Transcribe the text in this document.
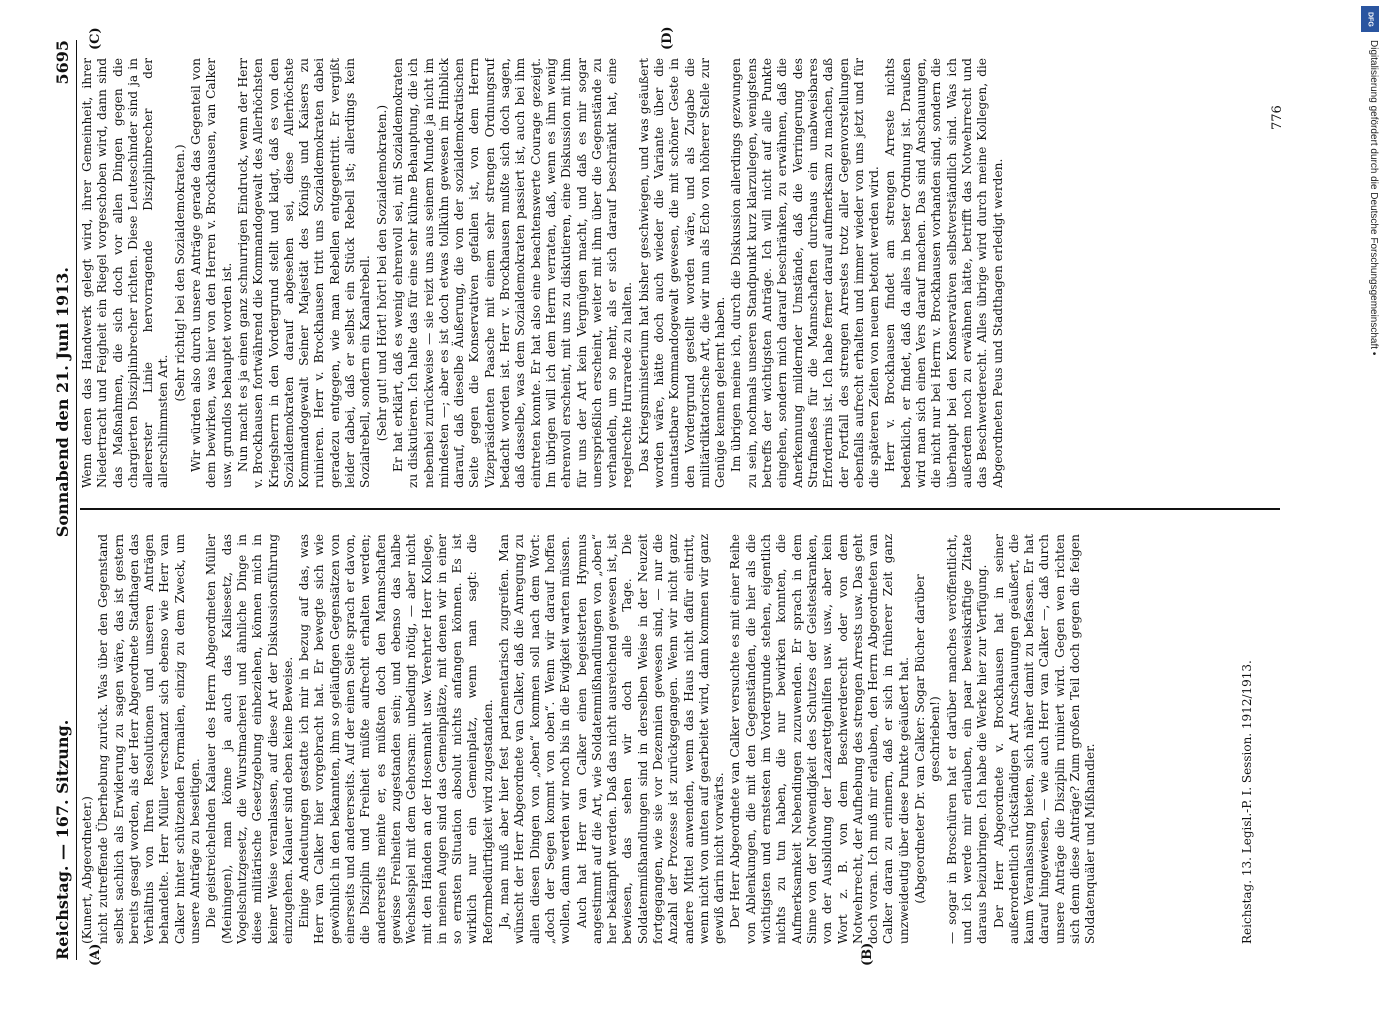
Reichstag. — 167. Sitzung.
Sonnabend den 21. Juni 1913.
5695
(A)	(B)
(C)	(D)

(Kunert, Abgeordneter.) nicht zutreffende Überhebung zurück. Was über den Gegenstand selbst sachlich als Erwiderung zu sagen wäre, das ist gestern bereits gesagt worden, als der Herr Abgeordnete Stadthagen das Verhältnis von Ihren Resolutionen und unseren Anträgen behandelte. Herr Müller verschanzt sich ebenso wie Herr van Calker hinter schützenden Formalien, einzig zu dem Zweck, um unsere Anträge zu beseitigen. Die geistreichelnden Kalauer des Herrn Abgeordneten Müller (Meiningen), man könne ja auch das Kalisesetz, das Vogelschutzgesetz, die Wurstmacherei und ähnliche Dinge in diese militärische Gesetzgebung einbeziehen, können mich in keiner Weise veranlassen, auf diese Art der Diskussionsführung einzugehen. Kalauer sind eben keine Beweise. Einige Andeutungen gestatte ich mir in bezug auf das, was Herr van Calker hier vorgebracht hat. Er bewegte sich wie gewöhnlich in den bekannten, ihm so geläufigen Gegensätzen von einerseits und andererseits. Auf der einen Seite sprach er davon, die Disziplin und Freiheit müßte aufrecht erhalten werden; andererseits meinte er, es müßten doch den Mannschaften gewisse Freiheiten zugestanden sein; und ebenso das halbe Wechselspiel mit dem Gehorsam: unbedingt nötig, — aber nicht mit den Händen an der Hosennaht usw. Verehrter Herr Kollege, in meinen Augen sind das Gemeinplätze, mit denen wir in einer so ernsten Situation absolut nichts anfangen können. Es ist wirklich nur ein Gemeinplatz, wenn man sagt: die Reformbedürftigkeit wird zugestanden. Ja, man muß aber hier fest parlamentarisch zugreifen. Man wünscht der Herr Abgeordnete van Calker, daß die Anregung zu allen diesen Dingen von „oben“ kommen soll nach dem Wort: „doch der Segen kommt von oben“. Wenn wir darauf hoffen wollen, dann werden wir noch bis in die Ewigkeit warten müssen. Auch hat Herr van Calker einen begeisterten Hymnus angestimmt auf die Art, wie Soldatenmißhandlungen von „oben“ her bekämpft werden. Daß das nicht ausreichend gewesen ist, ist bewiesen, das sehen wir doch alle Tage. Die Soldatenmißhandlungen sind in derselben Weise in der Neuzeit fortgegangen, wie sie vor Dezennien gewesen sind, — nur die Anzahl der Prozesse ist zurückgegangen. Wenn wir nicht ganz andere Mittel anwenden, wenn das Haus nicht dafür eintritt, wenn nicht von unten auf gearbeitet wird, dann kommen wir ganz gewiß darin nicht vorwärts. Der Herr Abgeordnete van Calker versuchte es mit einer Reihe von Ablenkungen, die mit den Gegenständen, die hier als die wichtigsten und ernstesten im Vordergrunde stehen, eigentlich nichts zu tun haben, die nur bewirken konnten, die Aufmerksamkeit Nebendingen zuzuwenden. Er sprach in dem Sinne von der Notwendigkeit des Schutzes der Geisteskranken, von der Ausbildung der Lazarettgehilfen usw. usw., aber kein Wort z. B. von dem Beschwerderecht oder von dem Notwehrrecht, der Aufhebung des strengen Arrests usw. Das geht doch voran. Ich muß mir erlauben, den Herrn Abgeordneten van Calker daran zu erinnern, daß er sich in früherer Zeit ganz unzweideutig über diese Punkte geäußert hat. (Abgeordneter Dr. van Calker: Sogar Bücher darüber geschrieben!) — sogar in Broschüren hat er darüber manches veröffentlicht, und ich werde mir erlauben, ein paar beweiskräftige Zitate daraus beizubringen. Ich habe die Werke hier zur Verfügung. Der Herr Abgeordnete v. Brockhausen hat in seiner außerordentlich rückständigen Art Anschauungen geäußert, die kaum Veranlassung bieten, sich näher damit zu befassen. Er hat darauf hingewiesen, — wie auch Herr van Calker —, daß durch unsere Anträge die Disziplin ruiniert wird. Gegen wen richten sich denn diese Anträge? Zum großen Teil doch gegen die feigen Soldatenquäler und Mißhandler.

Wenn denen das Handwerk gelegt wird, ihrer Gemeinheit, ihrer Niedertracht und Feigheit ein Riegel vorgeschoben wird, dann sind das Maßnahmen, die sich doch vor allen Dingen gegen die chargierten Disziplinbrecher richten. Diese Leuteschinder sind ja in allererster Linie hervorragende Disziplinbrecher der allerschlimmsten Art.

(Sehr richtig! bei den Sozialdemokraten.) Wir würden also durch unsere Anträge gerade das Gegenteil von dem bewirken, was hier von den Herren v. Brockhausen, van Calker usw. grundlos behauptet worden ist. Nun macht es ja einen ganz schnurrigen Eindruck, wenn der Herr v. Brockhausen fortwährend die Kommandogewalt des Allerhöchsten Kriegsherrn in den Vordergrund stellt und klagt, daß es von den Sozialdemokraten darauf abgesehen sei, diese Allerhöchste Kommandogewalt Seiner Majestät des Königs und Kaisers zu ruinieren. Herr v. Brockhausen tritt uns Sozialdemokraten dabei geradezu entgegen, wie man Rebellen entgegentritt. Er vergißt leider dabei, daß er selbst ein Stück Rebell ist; allerdings kein Sozialrebell, sondern ein Kanalrebell. (Sehr gut! und Hört! hört! bei den Sozialdemokraten.) Er hat erklärt, daß es wenig ehrenvoll sei, mit Sozialdemokraten zu diskutieren. Ich halte das für eine sehr kühne Behauptung, die ich nebenbei zurückweise — sie reizt uns aus seinem Munde ja nicht im mindesten —; aber es ist doch etwas tollkühn gewesen im Hinblick darauf, daß dieselbe Äußerung, die von der sozialdemokratischen Seite gegen die Konservativen gefallen ist, von dem Herrn Vizepräsidenten Paasche mit einem sehr strengen Ordnungsruf bedacht worden ist. Herr v. Brockhausen mußte sich doch sagen, daß dasselbe, was dem Sozialdemokraten passiert ist, auch bei ihm eintreten konnte. Er hat also eine beachtenswerte Courage gezeigt. Im übrigen will ich dem Herrn verraten, daß, wenn es ihm wenig ehrenvoll erscheint, mit uns zu diskutieren, eine Diskussion mit ihm für uns der Art kein Vergnügen macht, und daß es mir sogar unersprießlich erscheint, weiter mit ihm über die Gegenstände zu verhandeln, um so mehr, als er sich darauf beschränkt hat, eine regelrechte Hurrarede zu halten. Das Kriegsministerium hat bisher geschwiegen, und was geäußert worden wäre, hätte doch auch wieder die Variante über die unantastbare Kommandogewalt gewesen, die mit schöner Geste in den Vordergrund gestellt worden wäre, und als Zugabe die militärdiktatorische Art, die wir nun als Echo von höherer Stelle zur Genüge kennen gelernt haben. Im übrigen meine ich, durch die Diskussion allerdings gezwungen zu sein, nochmals unseren Standpunkt kurz klarzulegen, wenigstens betreffs der wichtigsten Anträge. Ich will nicht auf alle Punkte eingehen, sondern mich darauf beschränken, zu erwähnen, daß die Anerkennung mildernder Umstände, daß die Verringerung des Strafmaßes für die Mannschaften durchaus ein unabweisbares Erfordernis ist. Ich habe ferner darauf aufmerksam zu machen, daß der Fortfall des strengen Arrestes trotz aller Gegenvorstellungen ebenfalls aufrecht erhalten und immer wieder von uns jetzt und für die späteren Zeiten von neuem betont werden wird. Herr v. Brockhausen findet am strengen Arreste nichts bedenklich, er findet, daß da alles in bester Ordnung ist. Draußen wird man sich einen Vers darauf machen. Das sind Anschauungen, die nicht nur bei Herrn v. Brockhausen vorhanden sind, sondern die überhaupt bei den Konservativen selbstverständlich sind. Was ich außerdem noch zu erwähnen hätte, betrifft das Notwehrrecht und das Beschwerderecht. Alles übrige wird durch meine Kollegen, die Abgeordneten Peus und Stadthagen erledigt werden.

Reichstag. 13. Legisl.-P. I. Session. 1912/1913.
776
DFG
Digitalisierung gefördert durch die Deutsche Forschungsgemeinschaft •
